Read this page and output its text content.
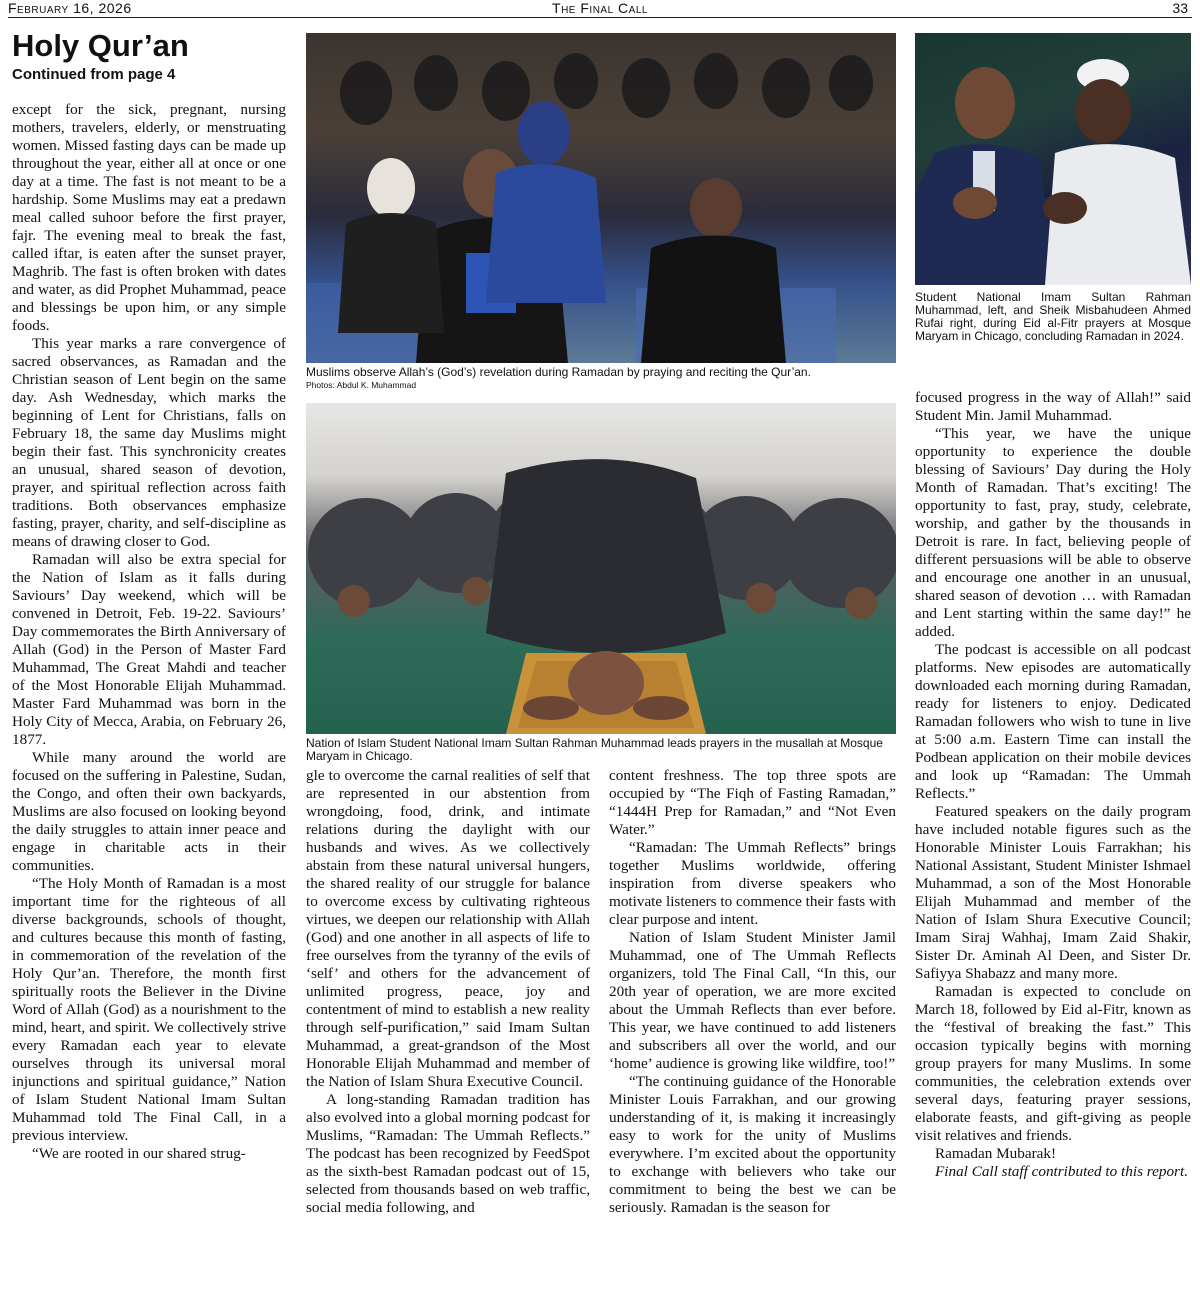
The Final Call
February 16, 2026	33
Holy Qur’an
Continued from page 4

except for the sick, pregnant, nursing mothers, travelers, elderly, or menstruating women. Missed fasting days can be made up throughout the year, either all at once or one day at a time. The fast is not meant to be a hardship. Some Muslims may eat a predawn meal called suhoor before the first prayer, fajr. The evening meal to break the fast, called iftar, is eaten after the sunset prayer, Maghrib. The fast is often broken with dates and water, as did Prophet Muhammad, peace and blessings be upon him, or any simple foods.

This year marks a rare convergence of sacred observances, as Ramadan and the Christian season of Lent begin on the same day. Ash Wednesday, which marks the beginning of Lent for Christians, falls on February 18, the same day Muslims might begin their fast. This synchronicity creates an unusual, shared season of devotion, prayer, and spiritual reflection across faith traditions. Both observances emphasize fasting, prayer, charity, and self-discipline as means of drawing closer to God.

Ramadan will also be extra special for the Nation of Islam as it falls during Saviours’ Day weekend, which will be convened in Detroit, Feb. 19-22. Saviours’ Day commemorates the Birth Anniversary of Allah (God) in the Person of Master Fard Muhammad, The Great Mahdi and teacher of the Most Honorable Elijah Muhammad. Master Fard Muhammad was born in the Holy City of Mecca, Arabia, on February 26, 1877.

While many around the world are focused on the suffering in Palestine, Sudan, the Congo, and often their own backyards, Muslims are also focused on looking beyond the daily struggles to attain inner peace and engage in charitable acts in their communities.

“The Holy Month of Ramadan is a most important time for the righteous of all diverse backgrounds, schools of thought, and cultures because this month of fasting, in commemoration of the revelation of the Holy Qur’an. Therefore, the month first spiritually roots the Believer in the Divine Word of Allah (God) as a nourishment to the mind, heart, and spirit. We collectively strive every Ramadan each year to elevate ourselves through its universal moral injunctions and spiritual guidance,” Nation of Islam Student National Imam Sultan Muhammad told The Final Call, in a previous interview.

“We are rooted in our shared strug-

Muslims observe Allah’s (God’s) revelation during Ramadan by praying and reciting the Qur’an.
Photos: Abdul K. Muhammad
Nation of Islam Student National Imam Sultan Rahman Muhammad leads prayers in the musallah at Mosque Maryam in Chicago.

gle to overcome the carnal realities of self that are represented in our abstention from wrongdoing, food, drink, and intimate relations during the daylight with our husbands and wives. As we collectively abstain from these natural universal hungers, the shared reality of our struggle for balance to overcome excess by cultivating righteous virtues, we deepen our relationship with Allah (God) and one another in all aspects of life to free ourselves from the tyranny of the evils of ‘self’ and others for the advancement of unlimited progress, peace, joy and contentment of mind to establish a new reality through self-purification,” said Imam Sultan Muhammad, a great-grandson of the Most Honorable Elijah Muhammad and member of the Nation of Islam Shura Executive Council.

A long-standing Ramadan tradition has also evolved into a global morning podcast for Muslims, “Ramadan: The Ummah Reflects.” The podcast has been recognized by FeedSpot as the sixth-best Ramadan podcast out of 15, selected from thousands based on web traffic, social media following, and

content freshness. The top three spots are occupied by “The Fiqh of Fasting Ramadan,” “1444H Prep for Ramadan,” and “Not Even Water.”

“Ramadan: The Ummah Reflects” brings together Muslims worldwide, offering inspiration from diverse speakers who motivate listeners to commence their fasts with clear purpose and intent.

Nation of Islam Student Minister Jamil Muhammad, one of The Ummah Reflects organizers, told The Final Call, “In this, our 20th year of operation, we are more excited about the Ummah Reflects than ever before. This year, we have continued to add listeners and subscribers all over the world, and our ‘home’ audience is growing like wildfire, too!”

“The continuing guidance of the Honorable Minister Louis Farrakhan, and our growing understanding of it, is making it increasingly easy to work for the unity of Muslims everywhere. I’m excited about the opportunity to exchange with believers who take our commitment to being the best we can be seriously. Ramadan is the season for

Student National Imam Sultan Rahman Muhammad, left, and Sheik Misbahudeen Ahmed Rufai right, during Eid al-Fitr prayers at Mosque Maryam in Chicago, concluding Ramadan in 2024.

focused progress in the way of Allah!” said Student Min. Jamil Muhammad.

“This year, we have the unique opportunity to experience the double blessing of Saviours’ Day during the Holy Month of Ramadan. That’s exciting! The opportunity to fast, pray, study, celebrate, worship, and gather by the thousands in Detroit is rare. In fact, believing people of different persuasions will be able to observe and encourage one another in an unusual, shared season of devotion … with Ramadan and Lent starting within the same day!” he added.

The podcast is accessible on all podcast platforms. New episodes are automatically downloaded each morning during Ramadan, ready for listeners to enjoy. Dedicated Ramadan followers who wish to tune in live at 5:00 a.m. Eastern Time can install the Podbean application on their mobile devices and look up “Ramadan: The Ummah Reflects.”

Featured speakers on the daily program have included notable figures such as the Honorable Minister Louis Farrakhan; his National Assistant, Student Minister Ishmael Muhammad, a son of the Most Honorable Elijah Muhammad and member of the Nation of Islam Shura Executive Council; Imam Siraj Wahhaj, Imam Zaid Shakir, Sister Dr. Aminah Al Deen, and Sister Dr. Safiyya Shabazz and many more.

Ramadan is expected to conclude on March 18, followed by Eid al-Fitr, known as the “festival of breaking the fast.” This occasion typically begins with morning group prayers for many Muslims. In some communities, the celebration extends over several days, featuring prayer sessions, elaborate feasts, and gift-giving as people visit relatives and friends.

Ramadan Mubarak!

Final Call staff contributed to this report.
